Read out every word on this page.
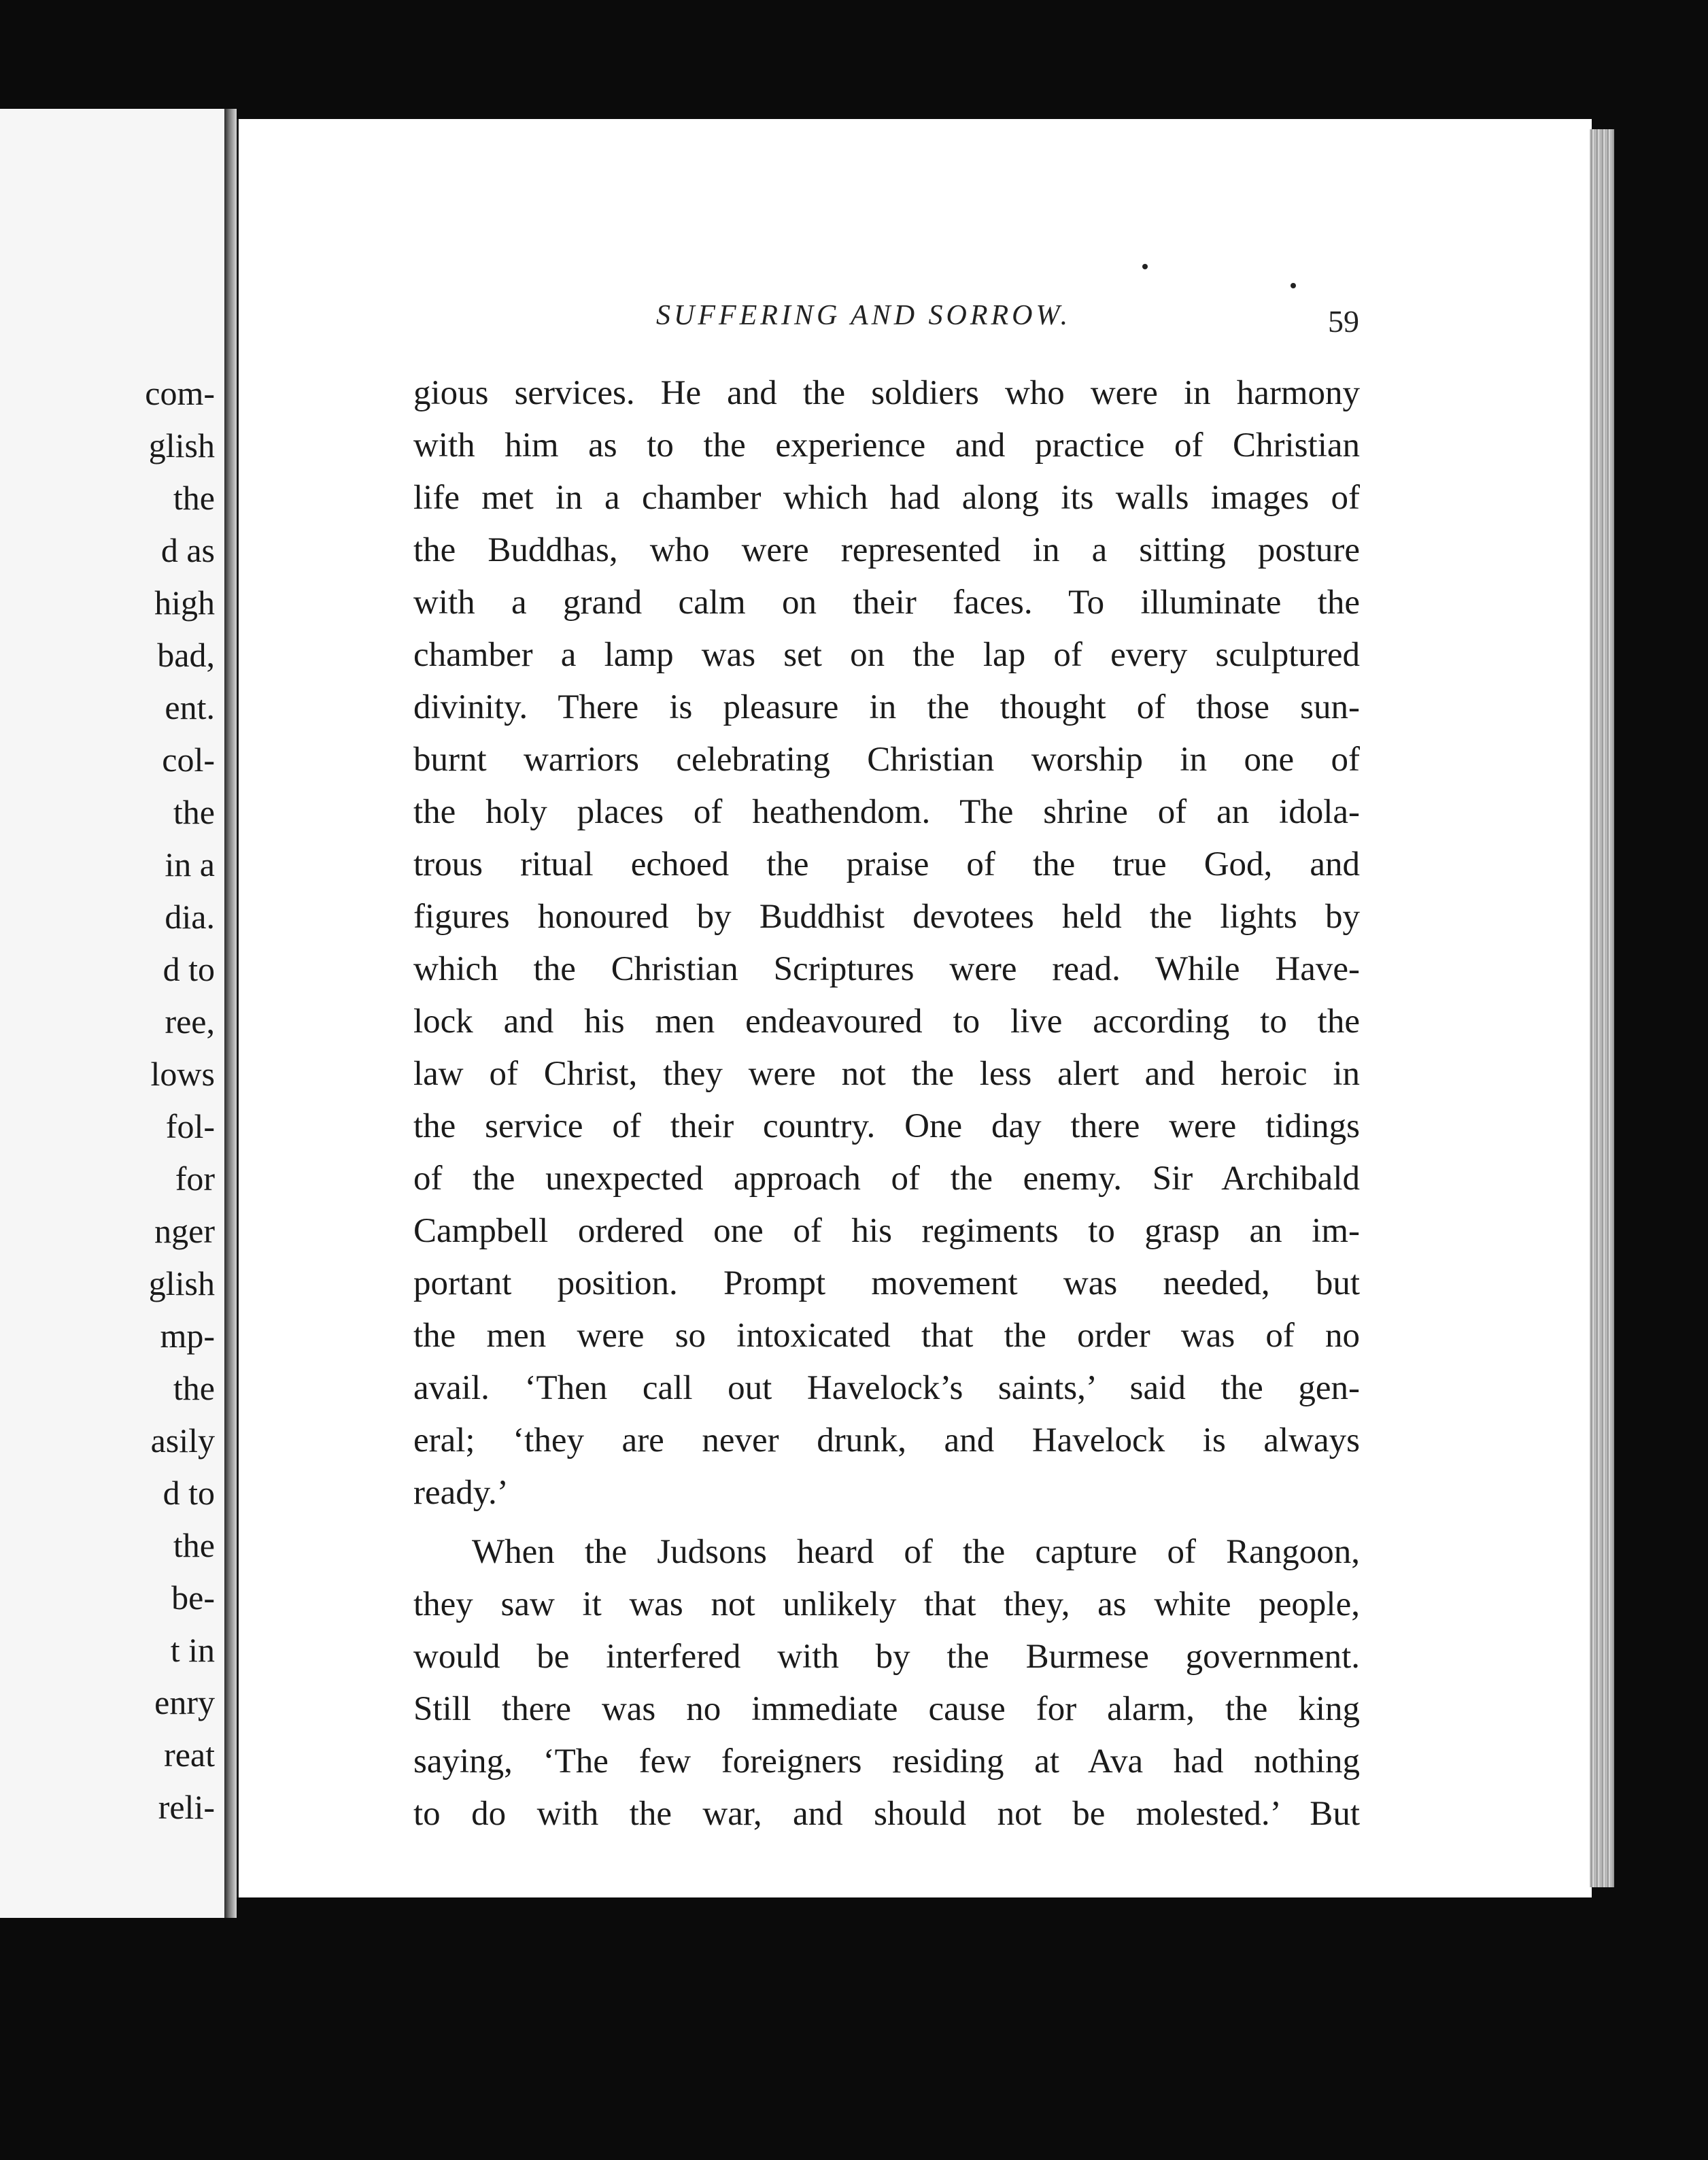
com-
glish
the
d as
high
bad,
ent.
col-
the
in a
dia.
d to
ree,
lows
fol-
for
nger
glish
mp-
the
asily
d to
the
be-
t in
enry
reat
reli-
SUFFERING AND SORROW.	59
gious services. He and the soldiers who were in harmony
with him as to the experience and practice of Christian
life met in a chamber which had along its walls images of
the Buddhas, who were represented in a sitting posture
with a grand calm on their faces. To illuminate the
chamber a lamp was set on the lap of every sculptured
divinity. There is pleasure in the thought of those sun-
burnt warriors celebrating Christian worship in one of
the holy places of heathendom. The shrine of an idola-
trous ritual echoed the praise of the true God, and
figures honoured by Buddhist devotees held the lights by
which the Christian Scriptures were read. While Have-
lock and his men endeavoured to live according to the
law of Christ, they were not the less alert and heroic in
the service of their country. One day there were tidings
of the unexpected approach of the enemy. Sir Archibald
Campbell ordered one of his regiments to grasp an im-
portant position. Prompt movement was needed, but
the men were so intoxicated that the order was of no
avail. ‘Then call out Havelock’s saints,’ said the gen-
eral; ‘they are never drunk, and Havelock is always
ready.’
When the Judsons heard of the capture of Rangoon,
they saw it was not unlikely that they, as white people,
would be interfered with by the Burmese government.
Still there was no immediate cause for alarm, the king
saying, ‘The few foreigners residing at Ava had nothing
to do with the war, and should not be molested.’ But
